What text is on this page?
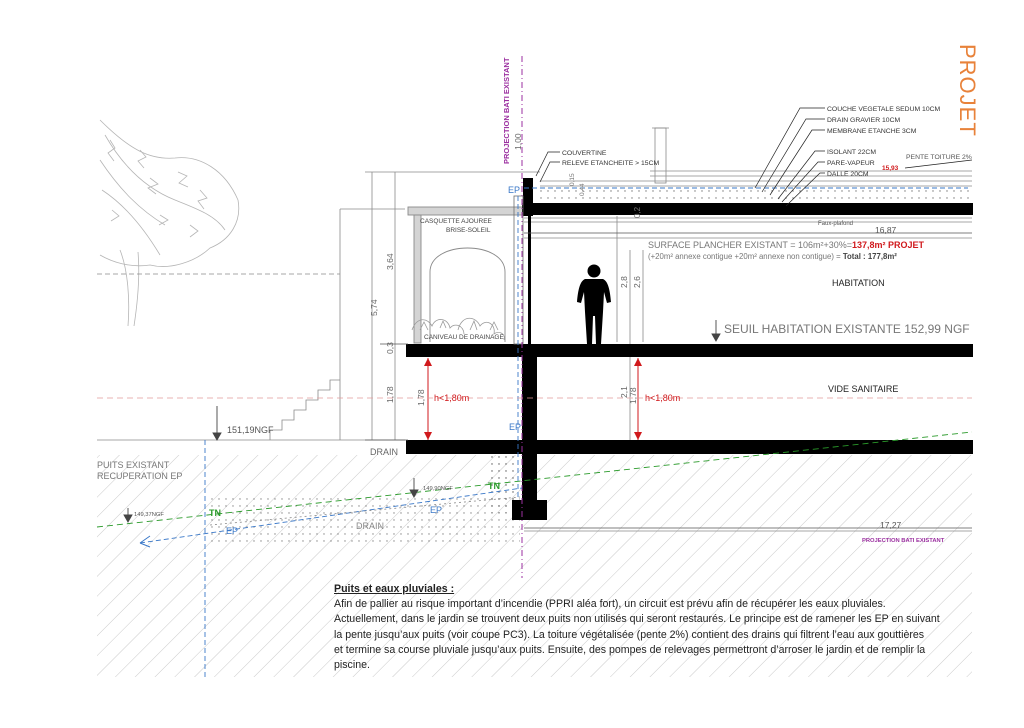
PROJET
PROJECTION BATI EXISTANT	COUVERTINE
RELEVE ETANCHEITE > 15CM
COUCHE VEGETALE SEDUM 10CM
DRAIN GRAVIER 10CM
MEMBRANE ETANCHE 3CM
ISOLANT 22CM
PARE-VAPEUR
DALLE 20CM
PENTE TOITURE 2%
Faux-plafond
1,00
15,93
16,87
17,27
0,2
0,15
0,44
3,64
5,74
0,3
1,78 1,78	1,78
2,8 2,6
2,1
CASQUETTE AJOUREE
BRISE-SOLEIL
CANIVEAU DE DRAINAGE
SURFACE PLANCHER EXISTANT = 106m²+30%=137,8m² PROJET
(+20m² annexe contigue +20m² annexe non contigue) = Total : 177,8m²
HABITATION
SEUIL HABITATION EXISTANTE 152,99 NGF
VIDE SANITAIRE
h<1,80m	h<1,80m
151,19NGF
149,90NGF
149,37NGF
PUITS EXISTANT
RECUPERATION EP
DRAIN
DRAIN
TN
TN
EP
EP
EP
EP
PROJECTION BATI EXISTANT
Puits et eaux pluviales :

Afin de pallier au risque important d’incendie (PPRI aléa fort), un circuit est prévu afin de récupérer les eaux pluviales.

Actuellement, dans le jardin se trouvent deux puits non utilisés qui seront restaurés. Le principe est de ramener les EP en suivant

la pente jusqu’aux puits (voir coupe PC3). La toiture végétalisée (pente 2%) contient des drains qui filtrent l’eau aux gouttières

et termine sa course pluviale jusqu’aux puits. Ensuite, des pompes de relevages permettront d’arroser le jardin et de remplir la

piscine.
